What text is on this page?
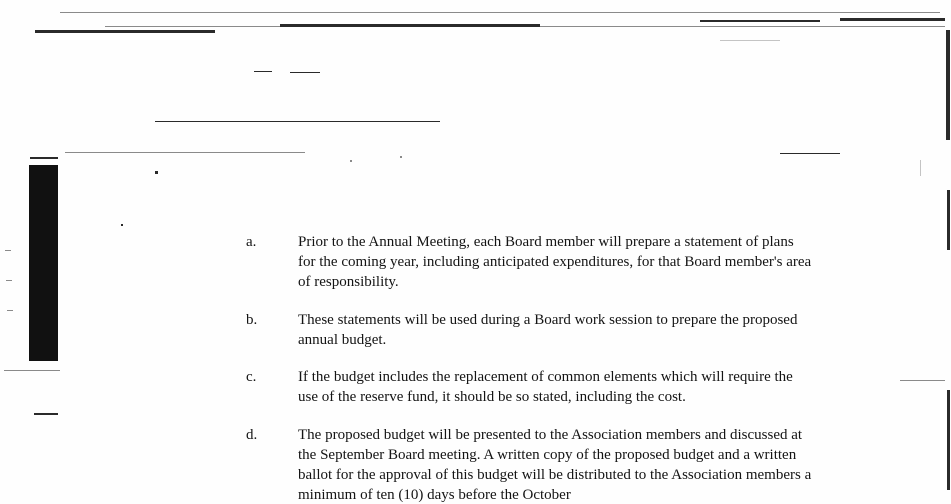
a.	Prior to the Annual Meeting, each Board member will prepare a statement of plans for the coming year, including anticipated expenditures, for that Board member's area of responsibility.
b.	These statements will be used during a Board work session to prepare the proposed annual budget.
c.	If the budget includes the replacement of common elements which will require the use of the reserve fund, it should be so stated, including the cost.
d.	The proposed budget will be presented to the Association members and discussed at the September Board meeting. A written copy of the proposed budget and a written ballot for the approval of this budget will be distributed to the Association members a minimum of ten (10) days before the October
